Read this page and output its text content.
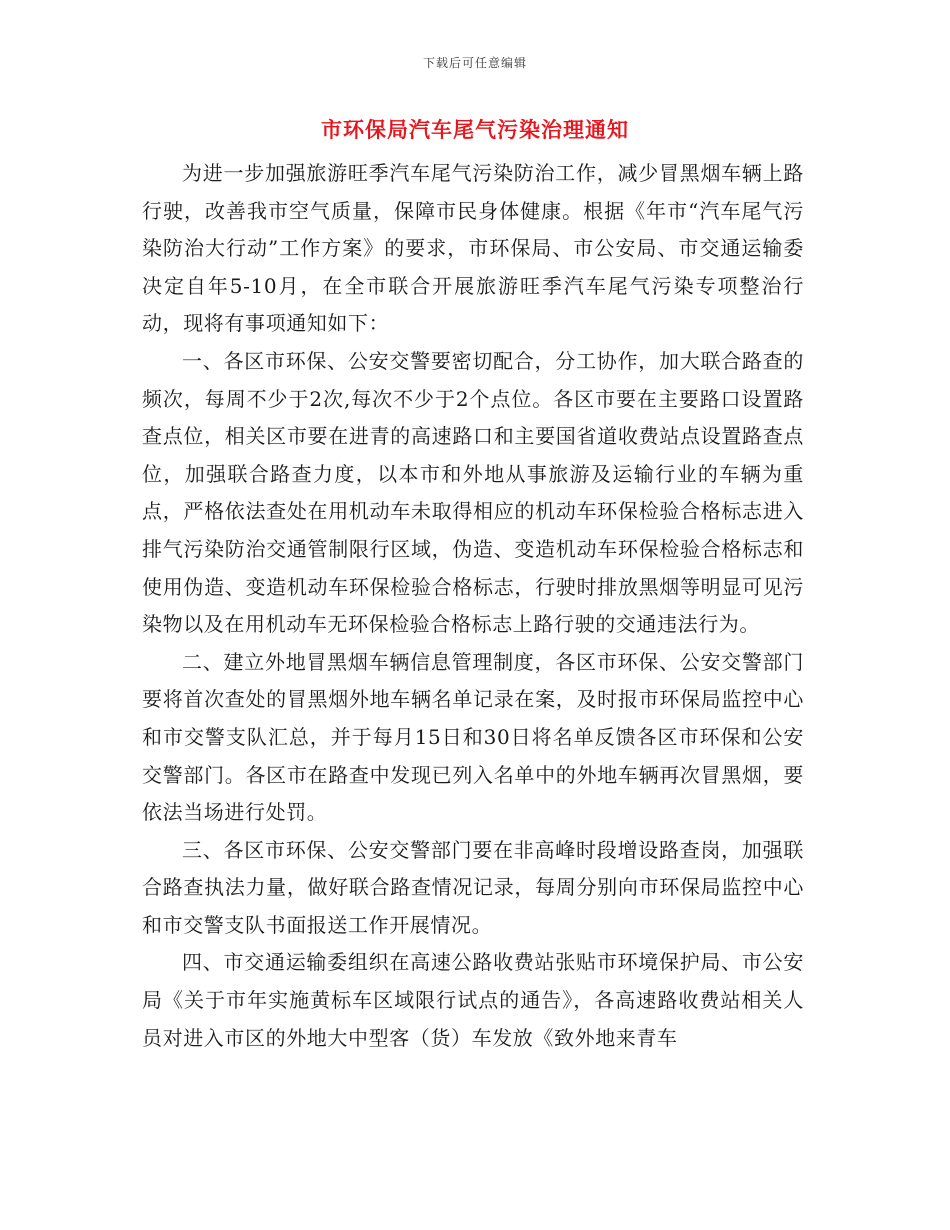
下载后可任意编辑
市环保局汽车尾气污染治理通知

为进一步加强旅游旺季汽车尾气污染防治工作，减少冒黑烟车辆上路行驶，改善我市空气质量，保障市民身体健康。根据《年市“汽车尾气污染防治大行动”工作方案》的要求，市环保局、市公安局、市交通运输委决定自年5-10月，在全市联合开展旅游旺季汽车尾气污染专项整治行动，现将有事项通知如下：

一、各区市环保、公安交警要密切配合，分工协作，加大联合路查的频次，每周不少于2次,每次不少于2个点位。各区市要在主要路口设置路查点位，相关区市要在进青的高速路口和主要国省道收费站点设置路查点位，加强联合路查力度，以本市和外地从事旅游及运输行业的车辆为重点，严格依法查处在用机动车未取得相应的机动车环保检验合格标志进入排气污染防治交通管制限行区域，伪造、变造机动车环保检验合格标志和使用伪造、变造机动车环保检验合格标志，行驶时排放黑烟等明显可见污染物以及在用机动车无环保检验合格标志上路行驶的交通违法行为。

二、建立外地冒黑烟车辆信息管理制度，各区市环保、公安交警部门要将首次查处的冒黑烟外地车辆名单记录在案，及时报市环保局监控中心和市交警支队汇总，并于每月15日和30日将名单反馈各区市环保和公安交警部门。各区市在路查中发现已列入名单中的外地车辆再次冒黑烟，要依法当场进行处罚。

三、各区市环保、公安交警部门要在非高峰时段增设路查岗，加强联合路查执法力量，做好联合路查情况记录，每周分别向市环保局监控中心和市交警支队书面报送工作开展情况。

四、市交通运输委组织在高速公路收费站张贴市环境保护局、市公安局《关于市年实施黄标车区域限行试点的通告》，各高速路收费站相关人员对进入市区的外地大中型客（货）车发放《致外地来青车
